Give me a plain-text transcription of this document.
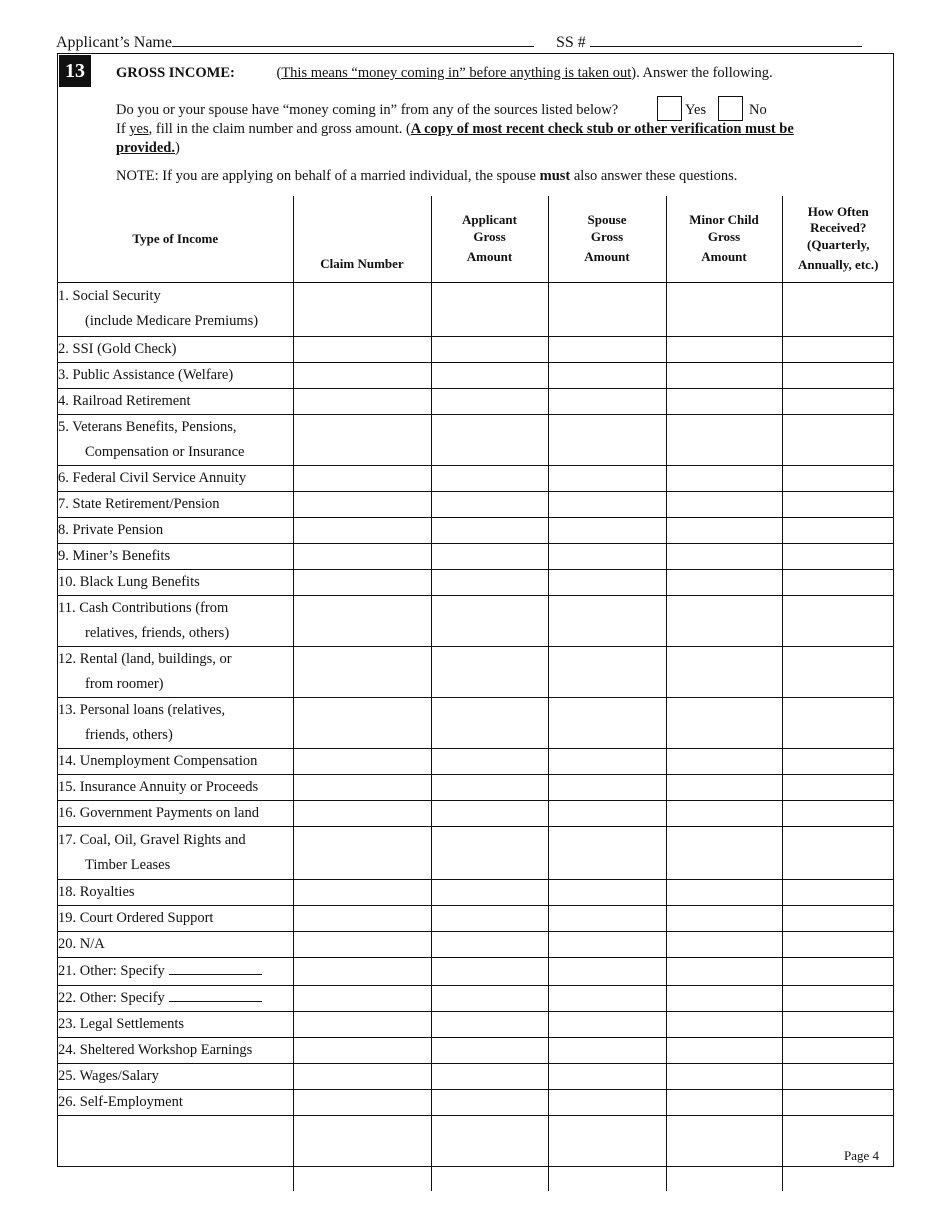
Applicant’s Name	SS #
13	GROSS INCOME:	(This means “money coming in” before anything is taken out). Answer the following.
Do you or your spouse have “money coming in” from any of the sources listed below?	Yes	No
If yes, fill in the claim number and gross amount. (A copy of most recent check stub or other verification must be provided.)
NOTE: If you are applying on behalf of a married individual, the spouse must also answer these questions.
Type of Income	Claim Number	Applicant
Gross
Amount	Spouse
Gross
Amount	Minor Child
Gross
Amount	How Often
Received?
(Quarterly,
Annually, etc.)
1. Social Security
(include Medicare Premiums)					

2. SSI (Gold Check)					
3. Public Assistance (Welfare)					
4. Railroad Retirement					
5. Veterans Benefits, Pensions,
Compensation or Insurance					

6. Federal Civil Service Annuity					
7. State Retirement/Pension					
8. Private Pension					
9. Miner’s Benefits					
10. Black Lung Benefits					
11. Cash Contributions (from
relatives, friends, others)					

12. Rental (land, buildings, or
from roomer)					

13. Personal loans (relatives,
friends, others)					

14. Unemployment Compensation					
15. Insurance Annuity or Proceeds					
16. Government Payments on land					
17. Coal, Oil, Gravel Rights and
Timber Leases					

18. Royalties					
19. Court Ordered Support					
20. N/A					
21. Other: Specify					
22. Other: Specify					
23. Legal Settlements					
24. Sheltered Workshop Earnings					
25. Wages/Salary					
26. Self-Employment					

Page 4
